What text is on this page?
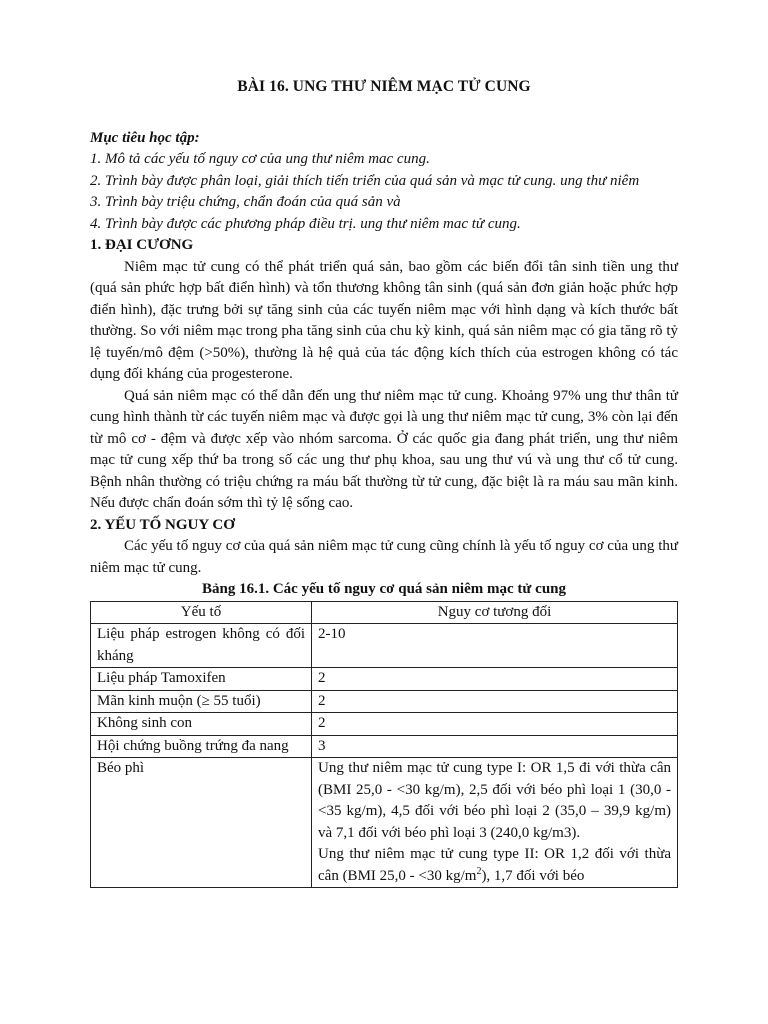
BÀI 16. UNG THƯ NIÊM MẠC TỬ CUNG
Mục tiêu học tập:
1. Mô tả các yếu tố nguy cơ của ung thư niêm mac cung.
2. Trình bày được phân loại, giải thích tiến triển của quá sản và mạc tử cung. ung thư niêm
3. Trình bày triệu chứng, chẩn đoán của quá sản và
4. Trình bày được các phương pháp điều trị. ung thư niêm mac tử cung.
1. ĐẠI CƯƠNG

Niêm mạc tử cung có thể phát triển quá sản, bao gồm các biến đổi tân sinh tiền ung thư (quá sản phức hợp bất điển hình) và tổn thương không tân sinh (quá sản đơn giản hoặc phức hợp điển hình), đặc trưng bởi sự tăng sinh của các tuyến niêm mạc với hình dạng và kích thước bất thường. So với niêm mạc trong pha tăng sinh của chu kỳ kinh, quá sản niêm mạc có gia tăng rõ tỷ lệ tuyến/mô đệm (>50%), thường là hệ quả của tác động kích thích của estrogen không có tác dụng đối kháng của progesterone.

Quá sản niêm mạc có thể dẫn đến ung thư niêm mạc tử cung. Khoảng 97% ung thư thân tử cung hình thành từ các tuyến niêm mạc và được gọi là ung thư niêm mạc tử cung, 3% còn lại đến từ mô cơ - đệm và được xếp vào nhóm sarcoma. Ở các quốc gia đang phát triển, ung thư niêm mạc tử cung xếp thứ ba trong số các ung thư phụ khoa, sau ung thư vú và ung thư cổ tử cung. Bệnh nhân thường có triệu chứng ra máu bất thường từ tử cung, đặc biệt là ra máu sau mãn kinh. Nếu được chẩn đoán sớm thì tỷ lệ sống cao.

2. YẾU TỐ NGUY CƠ

Các yếu tố nguy cơ của quá sản niêm mạc tử cung cũng chính là yếu tố nguy cơ của ung thư niêm mạc tử cung.

Bảng 16.1. Các yếu tố nguy cơ quá sản niêm mạc tử cung
Yếu tố	Nguy cơ tương đối
Liệu pháp estrogen không có đối kháng	2-10
Liệu pháp Tamoxifen	2
Mãn kinh muộn (≥ 55 tuổi)	2
Không sinh con	2
Hội chứng buồng trứng đa nang	3
Béo phì	Ung thư niêm mạc tử cung type I: OR 1,5 đi với thừa cân (BMI 25,0 - <30 kg/m), 2,5 đối với béo phì loại 1 (30,0 - <35 kg/m), 4,5 đối với béo phì loại 2 (35,0 – 39,9 kg/m) và 7,1 đối với béo phì loại 3 (240,0 kg/m3).
Ung thư niêm mạc tử cung type II: OR 1,2 đối với thừa cân (BMI 25,0 - <30 $kg/m^2$), 1,7 đối với béo
